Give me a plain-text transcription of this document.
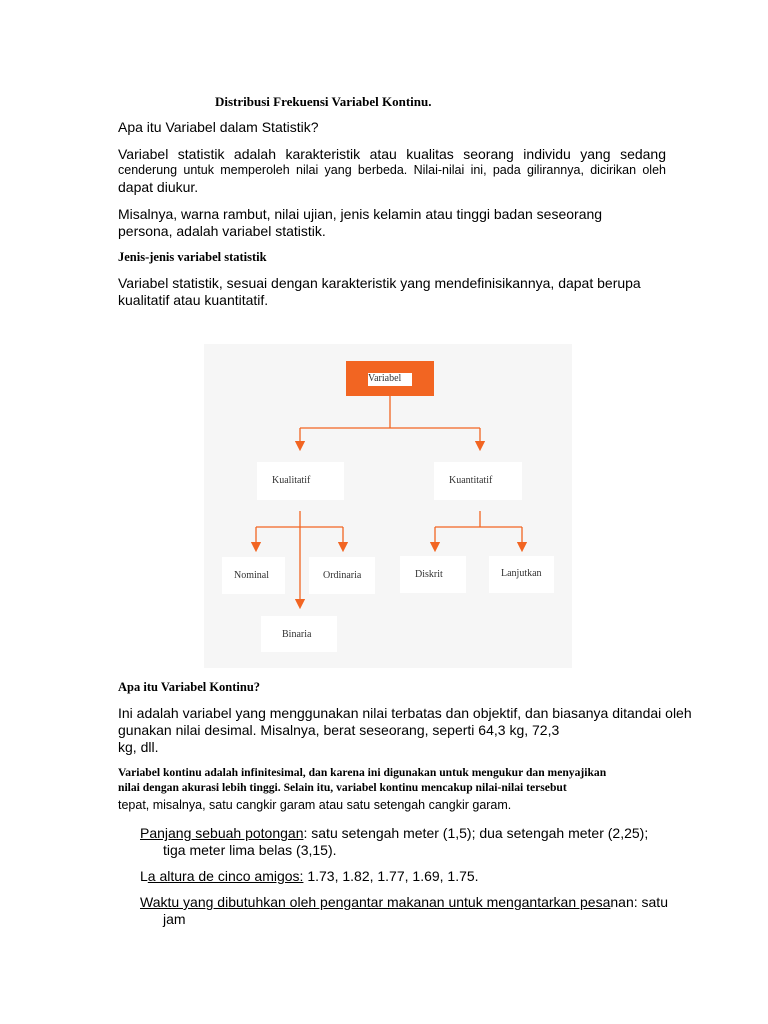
Distribusi Frekuensi Variabel Kontinu.
Apa itu Variabel dalam Statistik?
Variabel statistik adalah karakteristik atau kualitas seorang individu yang sedang
cenderung untuk memperoleh nilai yang berbeda. Nilai-nilai ini, pada gilirannya, dicirikan oleh
dapat diukur.
Misalnya, warna rambut, nilai ujian, jenis kelamin atau tinggi badan seseorang
persona, adalah variabel statistik.
Jenis-jenis variabel statistik
Variabel statistik, sesuai dengan karakteristik yang mendefinisikannya, dapat berupa
kualitatif atau kuantitatif.
Variabel
Kualitatif	Kuantitatif
Nominal	Ordinaria	Diskrit	Lanjutkan
Binaria
Apa itu Variabel Kontinu?
Ini adalah variabel yang menggunakan nilai terbatas dan objektif, dan biasanya ditandai oleh
gunakan nilai desimal. Misalnya, berat seseorang, seperti 64,3 kg, 72,3
kg, dll.
Variabel kontinu adalah infinitesimal, dan karena ini digunakan untuk mengukur dan menyajikan
nilai dengan akurasi lebih tinggi. Selain itu, variabel kontinu mencakup nilai-nilai tersebut
tepat, misalnya, satu cangkir garam atau satu setengah cangkir garam.
Panjang sebuah potongan: satu setengah meter (1,5); dua setengah meter (2,25);
tiga meter lima belas (3,15).
La altura de cinco amigos: 1.73, 1.82, 1.77, 1.69, 1.75.
Waktu yang dibutuhkan oleh pengantar makanan untuk mengantarkan pesanan: satu
jam
